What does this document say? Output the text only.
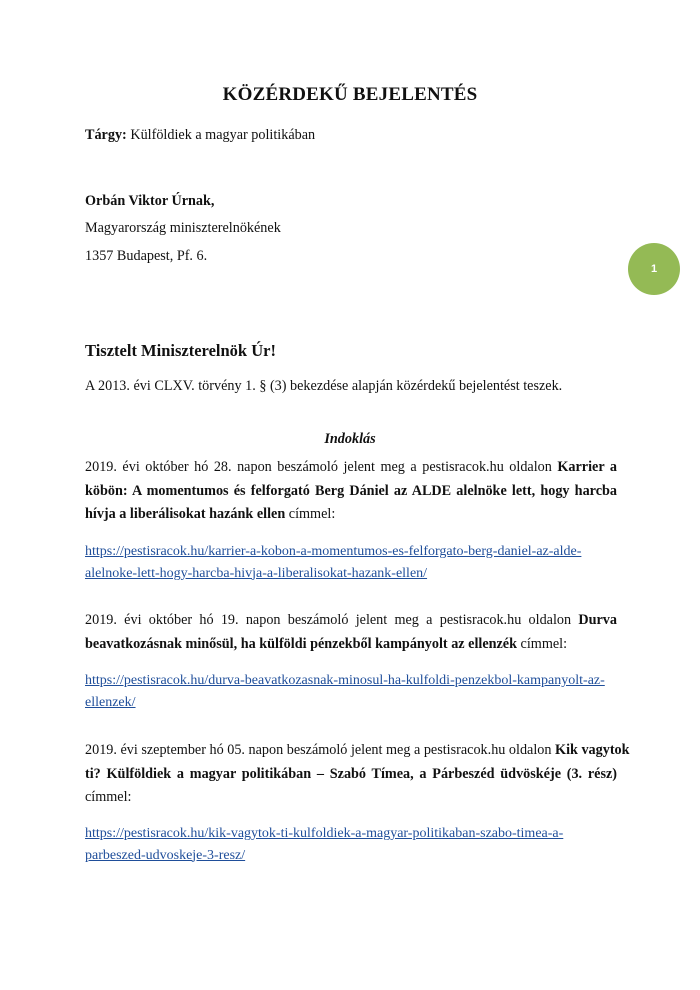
KÖZÉRDEKŰ BEJELENTÉS
Tárgy: Külföldiek a magyar politikában
Orbán Viktor Úrnak,
Magyarország miniszterelnökének
1357 Budapest, Pf. 6.
1
Tisztelt Miniszterelnök Úr!
A 2013. évi CLXV. törvény 1. § (3) bekezdése alapján közérdekű bejelentést teszek.
Indoklás
2019. évi október hó 28. napon beszámoló jelent meg a pestisracok.hu oldalon Karrier a
köbön: A momentumos és felforgató Berg Dániel az ALDE alelnöke lett, hogy harcba
hívja a liberálisokat hazánk ellen címmel:
https://pestisracok.hu/karrier-a-kobon-a-momentumos-es-felforgato-berg-daniel-az-alde-
alelnoke-lett-hogy-harcba-hivja-a-liberalisokat-hazank-ellen/
2019. évi október hó 19. napon beszámoló jelent meg a pestisracok.hu oldalon Durva
beavatkozásnak minősül, ha külföldi pénzekből kampányolt az ellenzék címmel:
https://pestisracok.hu/durva-beavatkozasnak-minosul-ha-kulfoldi-penzekbol-kampanyolt-az-
ellenzek/
2019. évi szeptember hó 05. napon beszámoló jelent meg a pestisracok.hu oldalon Kik vagytok
ti? Külföldiek a magyar politikában – Szabó Tímea, a Párbeszéd üdvöskéje (3. rész)
címmel:
https://pestisracok.hu/kik-vagytok-ti-kulfoldiek-a-magyar-politikaban-szabo-timea-a-
parbeszed-udvoskeje-3-resz/
